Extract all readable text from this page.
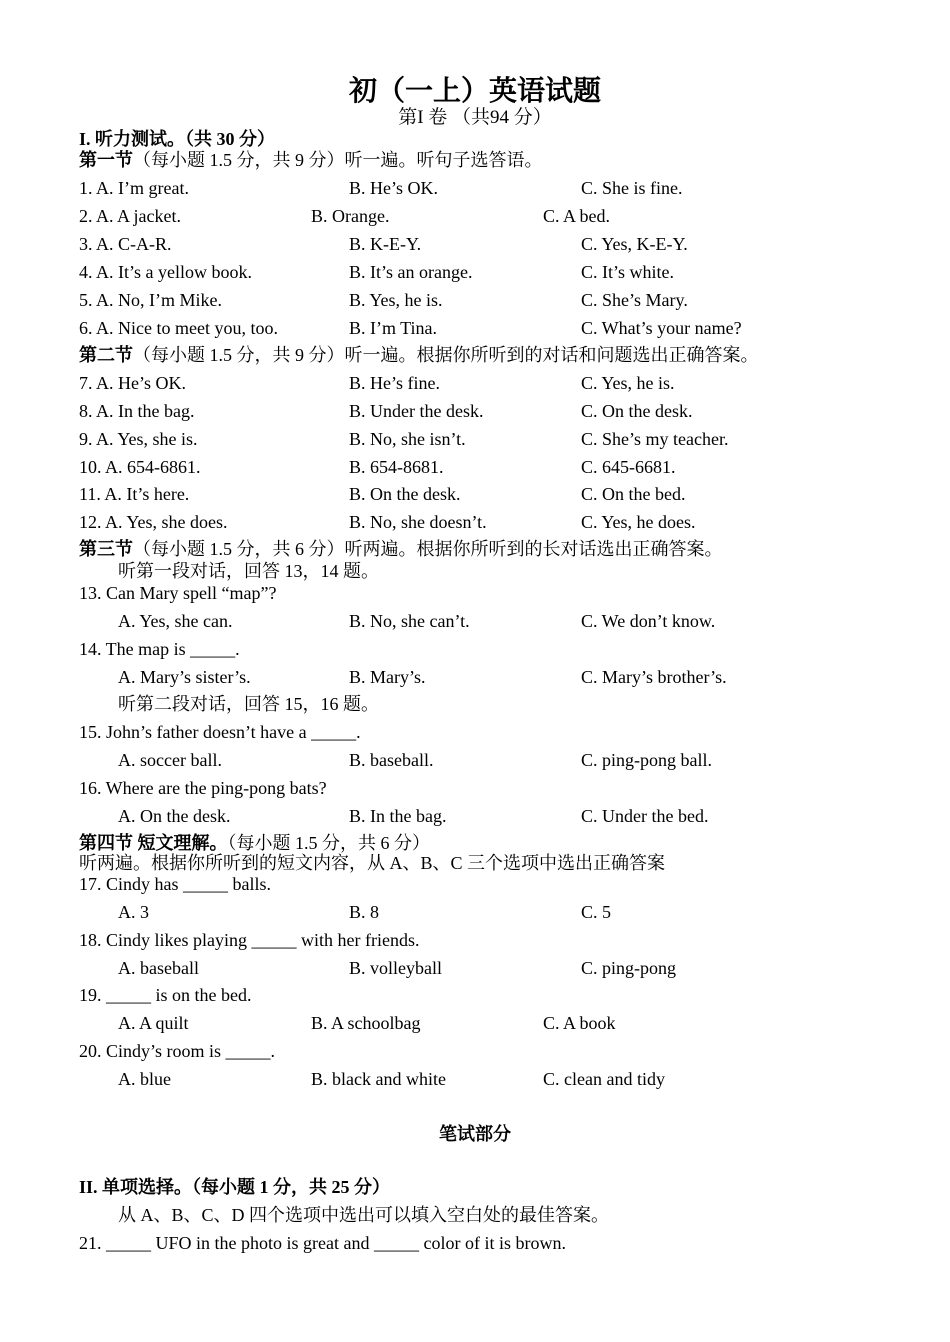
初（一上）英语试题
第I 卷 （共94 分）
I. 听力测试。（共 30 分）
第一节（每小题 1.5 分，共 9 分）听一遍。听句子选答语。
1. A. I’m great.	B. He’s OK.	C. She is fine.
2. A. A jacket.	B. Orange.	C. A bed.
3. A. C-A-R.	B. K-E-Y.	C. Yes, K-E-Y.
4. A. It’s a yellow book.	B. It’s an orange.	C. It’s white.
5. A. No, I’m Mike.	B. Yes, he is.	C. She’s Mary.
6. A. Nice to meet you, too.	B. I’m Tina.	C. What’s your name?
第二节（每小题 1.5 分，共 9 分）听一遍。根据你所听到的对话和问题选出正确答案。
7. A. He’s OK.	B. He’s fine.	C. Yes, he is.
8. A. In the bag.	B. Under the desk.	C. On the desk.
9. A. Yes, she is.	B. No, she isn’t.	C. She’s my teacher.
10. A. 654-6861.	B. 654-8681.	C. 645-6681.
11. A. It’s here.	B. On the desk.	C. On the bed.
12. A. Yes, she does.	B. No, she doesn’t.	C. Yes, he does.
第三节（每小题 1.5 分，共 6 分）听两遍。根据你所听到的长对话选出正确答案。
听第一段对话，回答 13，14 题。
13. Can Mary spell “map”?
A. Yes, she can.	B. No, she can’t.	C. We don’t know.
14. The map is _____.
A. Mary’s sister’s.	B. Mary’s.	C. Mary’s brother’s.
听第二段对话，回答 15，16 题。
15. John’s father doesn’t have a _____.
A. soccer ball.	B. baseball.	C. ping-pong ball.
16. Where are the ping-pong bats?
A. On the desk.	B. In the bag.	C. Under the bed.
第四节 短文理解。（每小题 1.5 分，共 6 分）
听两遍。根据你所听到的短文内容，从 A、B、C 三个选项中选出正确答案
17. Cindy has _____ balls.
A. 3	B. 8	C. 5
18. Cindy likes playing _____ with her friends.
A. baseball	B. volleyball	C. ping-pong
19. _____ is on the bed.
A. A quilt	B. A schoolbag	C. A book
20. Cindy’s room is _____.
A. blue	B. black and white	C. clean and tidy
笔试部分
II. 单项选择。（每小题 1 分，共 25 分）
从 A、B、C、D 四个选项中选出可以填入空白处的最佳答案。
21. _____ UFO in the photo is great and _____ color of it is brown.
